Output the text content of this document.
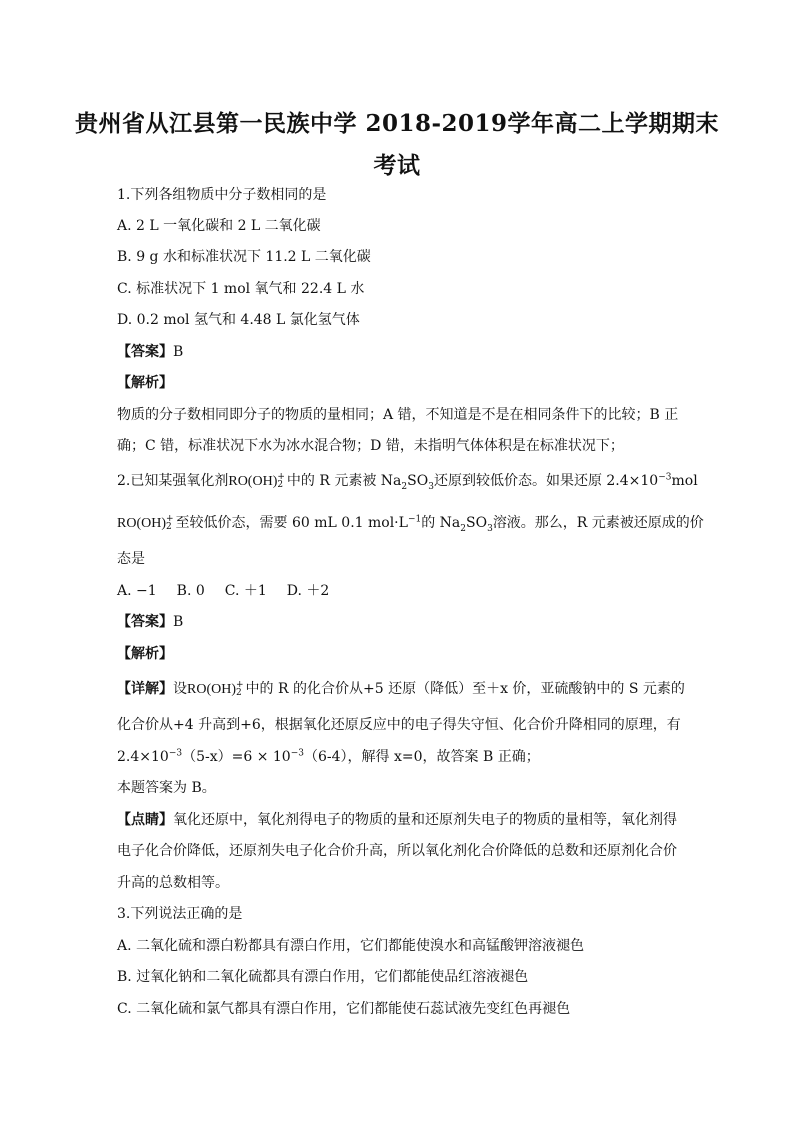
贵州省从江县第一民族中学 2018-2019学年高二上学期期末
考试
1.下列各组物质中分子数相同的是
A. 2 L 一氧化碳和 2 L 二氧化碳
B. 9 g 水和标准状况下 11.2 L 二氧化碳
C. 标准状况下 1 mol 氧气和 22.4 L 水
D. 0.2 mol 氢气和 4.48 L 氯化氢气体
【答案】B
【解析】
物质的分子数相同即分子的物质的量相同；A 错，不知道是不是在相同条件下的比较；B 正
确；C 错，标准状况下水为冰水混合物；D 错，未指明气体体积是在标准状况下；
2.已知某强氧化剂RO(OH) +
2 中的 R 元素被 $Na_2SO_3$还原到较低价态。如果还原 $2.4\times 10^{-3}mol$
RO(OH) +
2 至较低价态，需要 60 mL 0.1 $mol\cdot L^{-1}$的 $Na_2SO_3$溶液。那么，R 元素被还原成的价
态是
A. −1 B. 0 C. ＋1 D. ＋2
【答案】B
【解析】
【详解】设RO(OH) +
2 中的 R 的化合价从+5 还原（降低）至＋x 价，亚硫酸钠中的 S 元素的
化合价从+4 升高到+6，根据氧化还原反应中的电子得失守恒、化合价升降相同的原理，有
$2.4\times 10^{-3}(5-x)=6 \times 10^{-3}(6-4)$，解得 x=0，故答案 B 正确；
本题答案为 B。
【点睛】氧化还原中，氧化剂得电子的物质的量和还原剂失电子的物质的量相等，氧化剂得
电子化合价降低，还原剂失电子化合价升高，所以氧化剂化合价降低的总数和还原剂化合价
升高的总数相等。
3.下列说法正确的是
A. 二氧化硫和漂白粉都具有漂白作用，它们都能使溴水和高锰酸钾溶液褪色
B. 过氧化钠和二氧化硫都具有漂白作用，它们都能使品红溶液褪色
C. 二氧化硫和氯气都具有漂白作用，它们都能使石蕊试液先变红色再褪色
